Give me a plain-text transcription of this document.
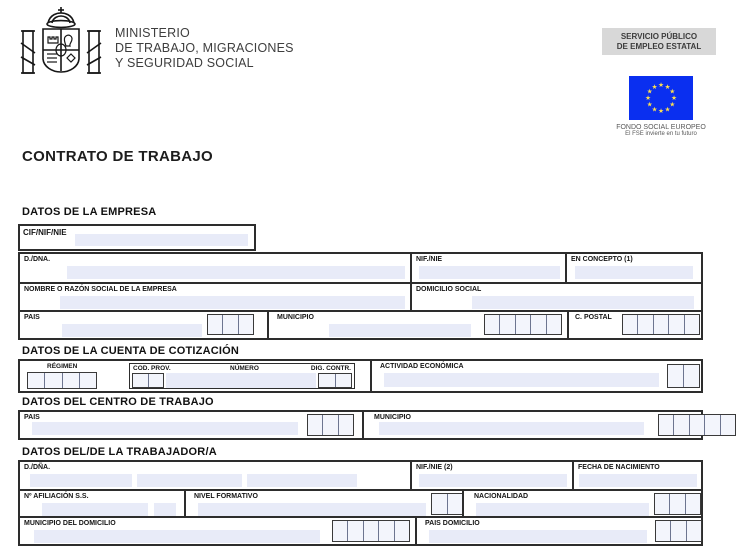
MINISTERIO
DE TRABAJO, MIGRACIONES
Y SEGURIDAD SOCIAL
SERVICIO PÚBLICO
DE EMPLEO ESTATAL
★ ★
★
★
★
★
★
★
★
★
★
★
FONDO SOCIAL EUROPEO
El FSE invierte en tu futuro
CONTRATO DE TRABAJO
DATOS DE LA EMPRESA
CIF/NIF/NIE
D./DNA.	NIF./NIE	EN CONCEPTO (1)
NOMBRE O RAZÓN SOCIAL DE LA EMPRESA	DOMICILIO SOCIAL
PAIS	MUNICIPIO	C. POSTAL
DATOS DE LA CUENTA DE COTIZACIÓN
RÉGIMEN	COD. PROV.	NÚMERO	DIG. CONTR.	ACTIVIDAD ECONÓMICA
DATOS DEL CENTRO DE TRABAJO
PAIS	MUNICIPIO
DATOS DEL/DE LA TRABAJADOR/A
D./DÑA.	NIF./NIE (2)	FECHA DE NACIMIENTO
Nº AFILIACIÓN S.S.	NIVEL FORMATIVO	NACIONALIDAD
MUNICIPIO DEL DOMICILIO	PAIS DOMICILIO
